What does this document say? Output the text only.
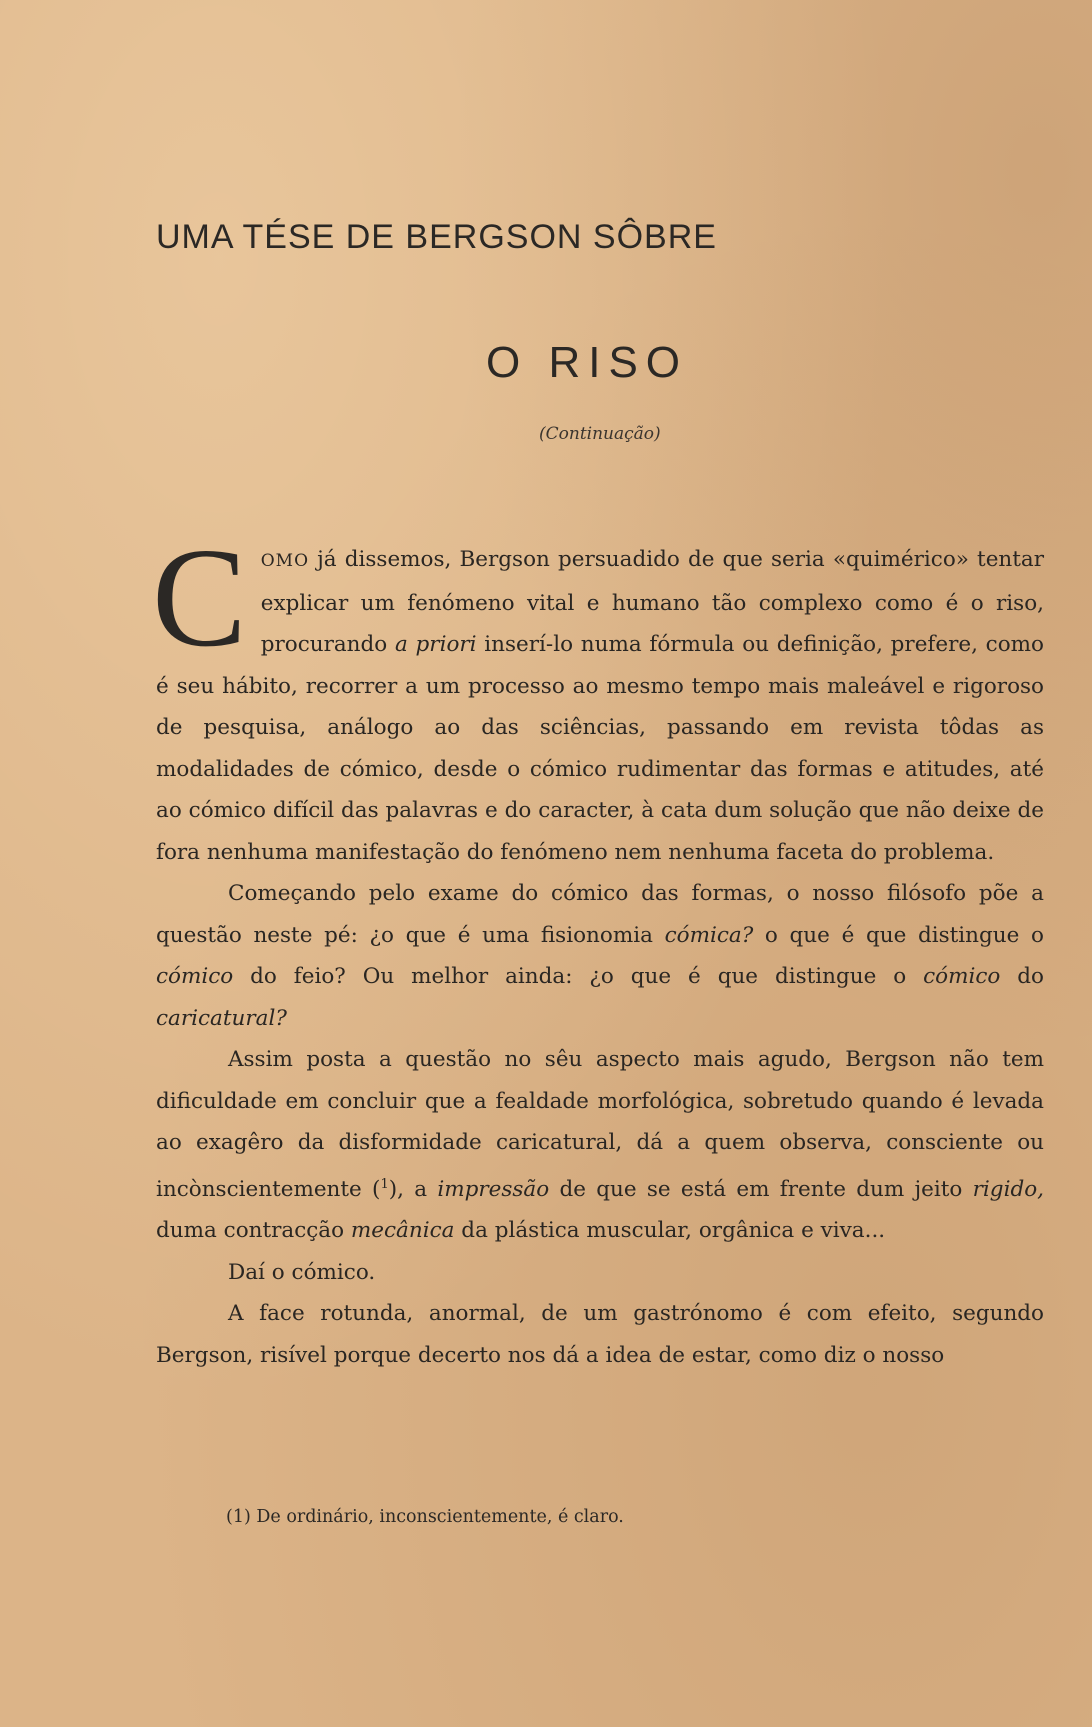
UMA TÉSE DE BERGSON SÔBRE
O RISO
(Continuação)

COMO já dissemos, Bergson persuadido de que seria «quimérico» tentar explicar um fenómeno vital e humano tão complexo como é o riso, procurando a priori inserí-lo numa fórmula ou definição, prefere, como é seu hábito, recorrer a um processo ao mesmo tempo mais maleável e rigoroso de pesquisa, análogo ao das sciências, passando em revista tôdas as modalidades de cómico, desde o cómico rudimentar das formas e atitudes, até ao cómico difícil das palavras e do caracter, à cata dum solução que não deixe de fora nenhuma manifestação do fenómeno nem nenhuma faceta do problema.

Começando pelo exame do cómico das formas, o nosso filósofo põe a questão neste pé: ¿o que é uma fisionomia cómica? o que é que distingue o cómico do feio? Ou melhor ainda: ¿o que é que distingue o cómico do caricatural?

Assim posta a questão no sêu aspecto mais agudo, Bergson não tem dificuldade em concluir que a fealdade morfológica, sobretudo quando é levada ao exagêro da disformidade caricatural, dá a quem observa, consciente ou incònscientemente ($^1$), a impressão de que se está em frente dum jeito rigido, duma contracção mecânica da plástica muscular, orgânica e viva...

Daí o cómico.

A face rotunda, anormal, de um gastrónomo é com efeito, segundo Bergson, risível porque decerto nos dá a idea de estar, como diz o nosso

(1) De ordinário, inconscientemente, é claro.
